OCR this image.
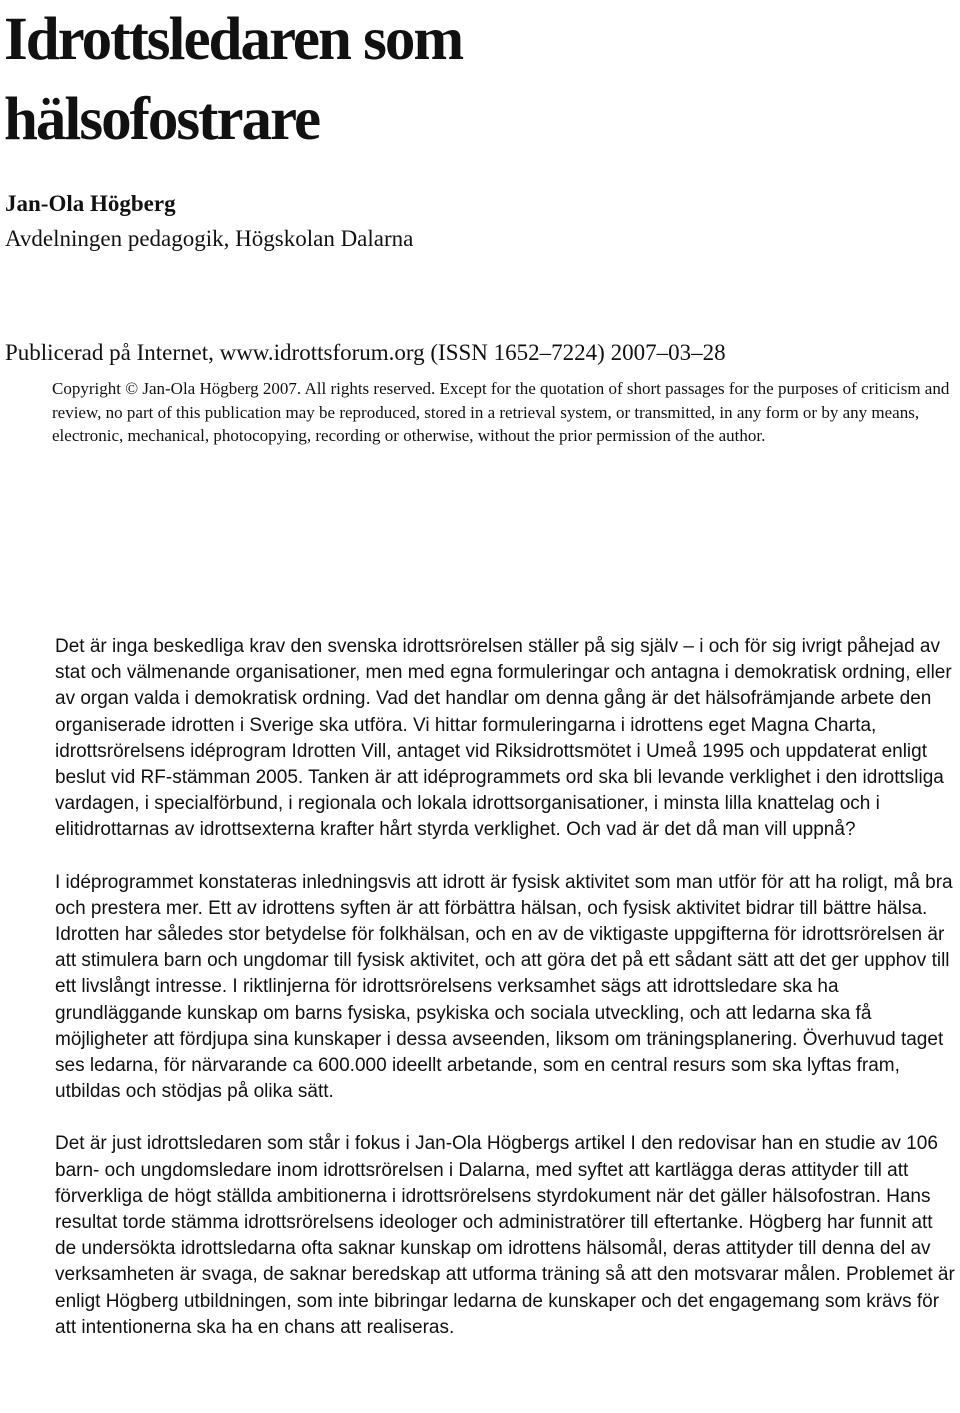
Idrottsledaren som
hälsofostrare
Jan-Ola Högberg
Avdelningen pedagogik, Högskolan Dalarna
Publicerad på Internet, www.idrottsforum.org (ISSN 1652–7224) 2007–03–28
Copyright © Jan-Ola Högberg 2007. All rights reserved. Except for the quotation of short passages for the purposes of criticism and review, no part of this publication may be reproduced, stored in a retrieval system, or transmitted, in any form or by any means, electronic, mechanical, photocopying, recording or otherwise, without the prior permission of the author.

Det är inga beskedliga krav den svenska idrottsrörelsen ställer på sig själv – i och för sig ivrigt påhejad av stat och välmenande organisationer, men med egna formuleringar och antagna i demokratisk ordning, eller av organ valda i demokratisk ordning. Vad det handlar om denna gång är det hälsofrämjande arbete den organiserade idrotten i Sverige ska utföra. Vi hittar formuleringarna i idrottens eget Magna Charta, idrottsrörelsens idéprogram Idrotten Vill, antaget vid Riksidrottsmötet i Umeå 1995 och uppdaterat enligt beslut vid RF-stämman 2005. Tanken är att idéprogrammets ord ska bli levande verklighet i den idrottsliga vardagen, i specialförbund, i regionala och lokala idrottsorganisationer, i minsta lilla knattelag och i elitidrottarnas av idrottsexterna krafter hårt styrda verklighet. Och vad är det då man vill uppnå?

I idéprogrammet konstateras inledningsvis att idrott är fysisk aktivitet som man utför för att ha roligt, må bra och prestera mer. Ett av idrottens syften är att förbättra hälsan, och fysisk aktivitet bidrar till bättre hälsa. Idrotten har således stor betydelse för folkhälsan, och en av de viktigaste uppgifterna för idrottsrörelsen är att stimulera barn och ungdomar till fysisk aktivitet, och att göra det på ett sådant sätt att det ger upphov till ett livslångt intresse. I riktlinjerna för idrottsrörelsens verksamhet sägs att idrottsledare ska ha grundläggande kunskap om barns fysiska, psykiska och sociala utveckling, och att ledarna ska få möjligheter att fördjupa sina kunskaper i dessa avseenden, liksom om träningsplanering. Överhuvud taget ses ledarna, för närvarande ca 600.000 ideellt arbetande, som en central resurs som ska lyftas fram, utbildas och stödjas på olika sätt.

Det är just idrottsledaren som står i fokus i Jan-Ola Högbergs artikel I den redovisar han en studie av 106 barn- och ungdomsledare inom idrottsrörelsen i Dalarna, med syftet att kartlägga deras attityder till att förverkliga de högt ställda ambitionerna i idrottsrörelsens styrdokument när det gäller hälsofostran. Hans resultat torde stämma idrottsrörelsens ideologer och administratörer till eftertanke. Högberg har funnit att de undersökta idrottsledarna ofta saknar kunskap om idrottens hälsomål, deras attityder till denna del av verksamheten är svaga, de saknar beredskap att utforma träning så att den motsvarar målen. Problemet är enligt Högberg utbildningen, som inte bibringar ledarna de kunskaper och det engagemang som krävs för att intentionerna ska ha en chans att realiseras.
